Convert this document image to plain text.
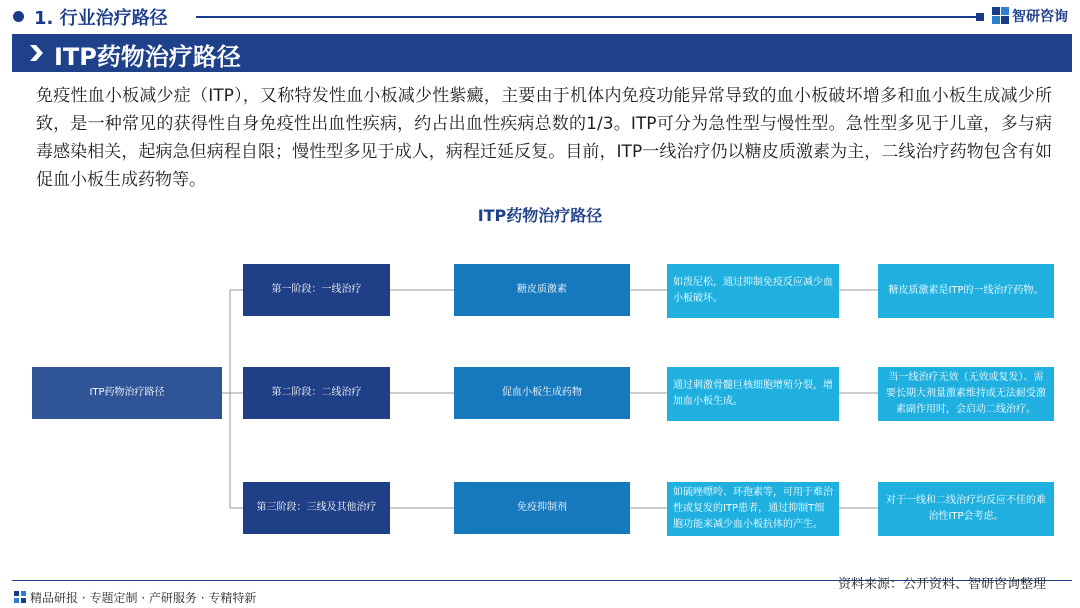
1. 行业治疗路径	智研咨询
ITP药物治疗路径
免疫性血小板减少症（ITP），又称特发性血小板减少性紫癜，主要由于机体内免疫功能异常导致的血小板破坏增多和血小板生成减少所致，是一种常见的获得性自身免疫性出血性疾病，约占出血性疾病总数的1/3。ITP可分为急性型与慢性型。急性型多见于儿童，多与病毒感染相关，起病急但病程自限；慢性型多见于成人，病程迁延反复。目前，ITP一线治疗仍以糖皮质激素为主，二线治疗药物包含有如促血小板生成药物等。
ITP药物治疗路径
ITP药物治疗路径
第一阶段：一线治疗	糖皮质激素
如泼尼松，通过抑制免疫反应减少血小板破坏。
糖皮质激素是ITP的一线治疗药物。
第二阶段：二线治疗	促血小板生成药物
通过刺激骨髓巨核细胞增殖分裂，增加血小板生成。
当一线治疗无效（无效或复发）、需要长期大剂量激素维持或无法耐受激素副作用时，会启动二线治疗。
第三阶段：三线及其他治疗	免疫抑制剂
如硫唑嘌呤、环孢素等，可用于难治性或复发的ITP患者，通过抑制T细胞功能来减少血小板抗体的产生。
对于一线和二线治疗均反应不佳的难治性ITP会考虑。
资料来源：公开资料、智研咨询整理
精品研报 · 专题定制 · 产研服务 · 专精特新
